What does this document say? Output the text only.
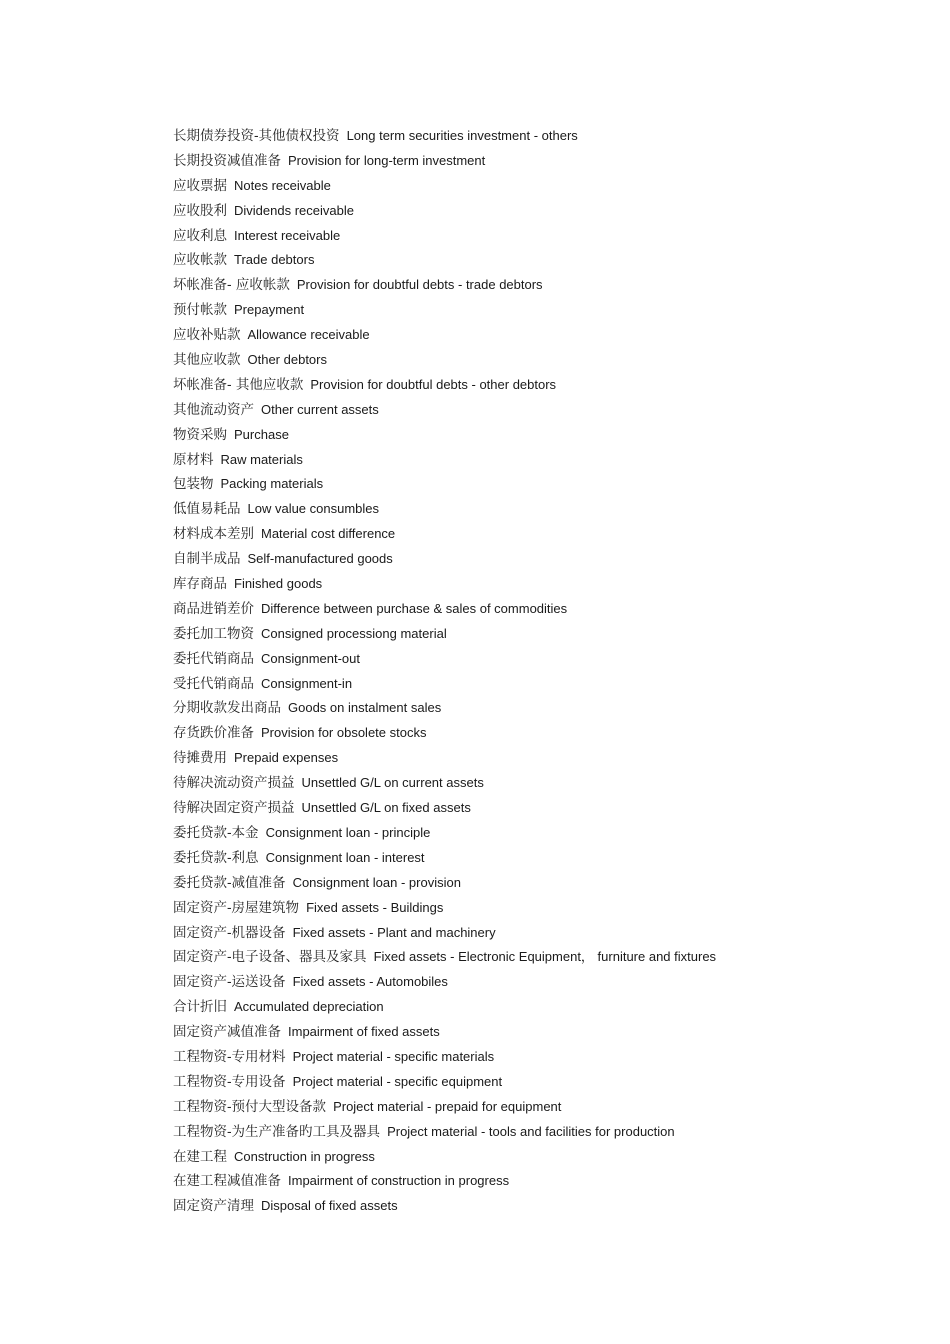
长期债券投资-其他债权投资 Long term securities investment - others
长期投资减值准备 Provision for long-term investment
应收票据 Notes receivable
应收股利 Dividends receivable
应收利息 Interest receivable
应收帐款 Trade debtors
坏帐准备- 应收帐款 Provision for doubtful debts - trade debtors
预付帐款 Prepayment
应收补贴款 Allowance receivable
其他应收款 Other debtors
坏帐准备- 其他应收款 Provision for doubtful debts - other debtors
其他流动资产 Other current assets
物资采购 Purchase
原材料 Raw materials
包装物 Packing materials
低值易耗品 Low value consumbles
材料成本差别 Material cost difference
自制半成品 Self-manufactured goods
库存商品 Finished goods
商品进销差价 Difference between purchase & sales of commodities
委托加工物资 Consigned processiong material
委托代销商品 Consignment-out
受托代销商品 Consignment-in
分期收款发出商品 Goods on instalment sales
存货跌价准备 Provision for obsolete stocks
待摊费用 Prepaid expenses
待解决流动资产损益 Unsettled G/L on current assets
待解决固定资产损益 Unsettled G/L on fixed assets
委托贷款-本金 Consignment loan - principle
委托贷款-利息 Consignment loan - interest
委托贷款-减值准备 Consignment loan - provision
固定资产-房屋建筑物 Fixed assets - Buildings
固定资产-机器设备 Fixed assets - Plant and machinery
固定资产-电子设备、器具及家具 Fixed assets - Electronic Equipment， furniture and fixtures
固定资产-运送设备 Fixed assets - Automobiles
合计折旧 Accumulated depreciation
固定资产减值准备 Impairment of fixed assets
工程物资-专用材料 Project material - specific materials
工程物资-专用设备 Project material - specific equipment
工程物资-预付大型设备款 Project material - prepaid for equipment
工程物资-为生产准备旳工具及器具 Project material - tools and facilities for production
在建工程 Construction in progress
在建工程减值准备 Impairment of construction in progress
固定资产清理 Disposal of fixed assets
